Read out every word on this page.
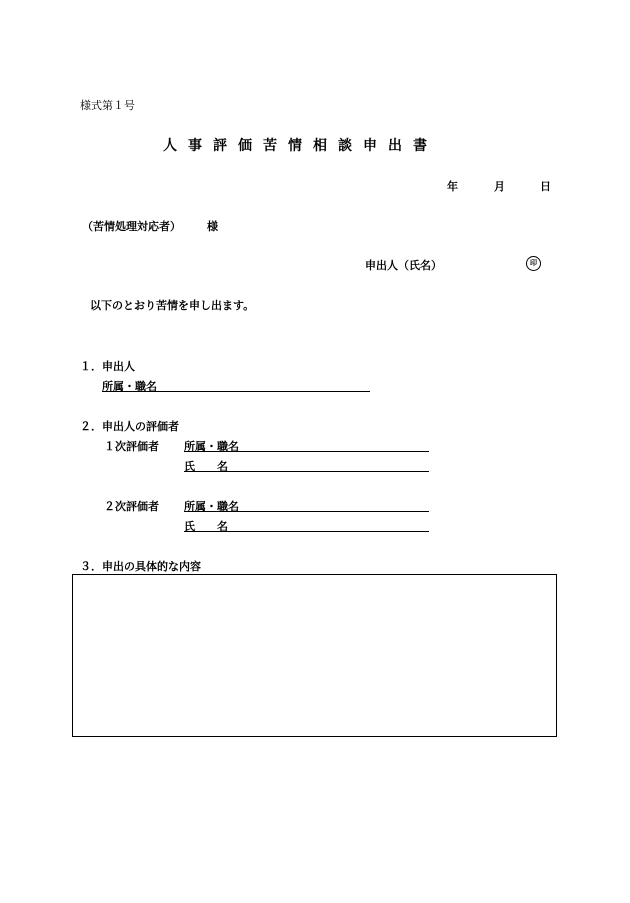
様式第１号
人事評価苦情相談申出書
年	月	日
（苦情処理対応者） 様
申出人（氏名）	印
以下のとおり苦情を申し出ます。
１．申出人
所属・職名
２．申出人の評価者
１次評価者 所属・職名
氏　　名
２次評価者 所属・職名
氏　　名
３．申出の具体的な内容
